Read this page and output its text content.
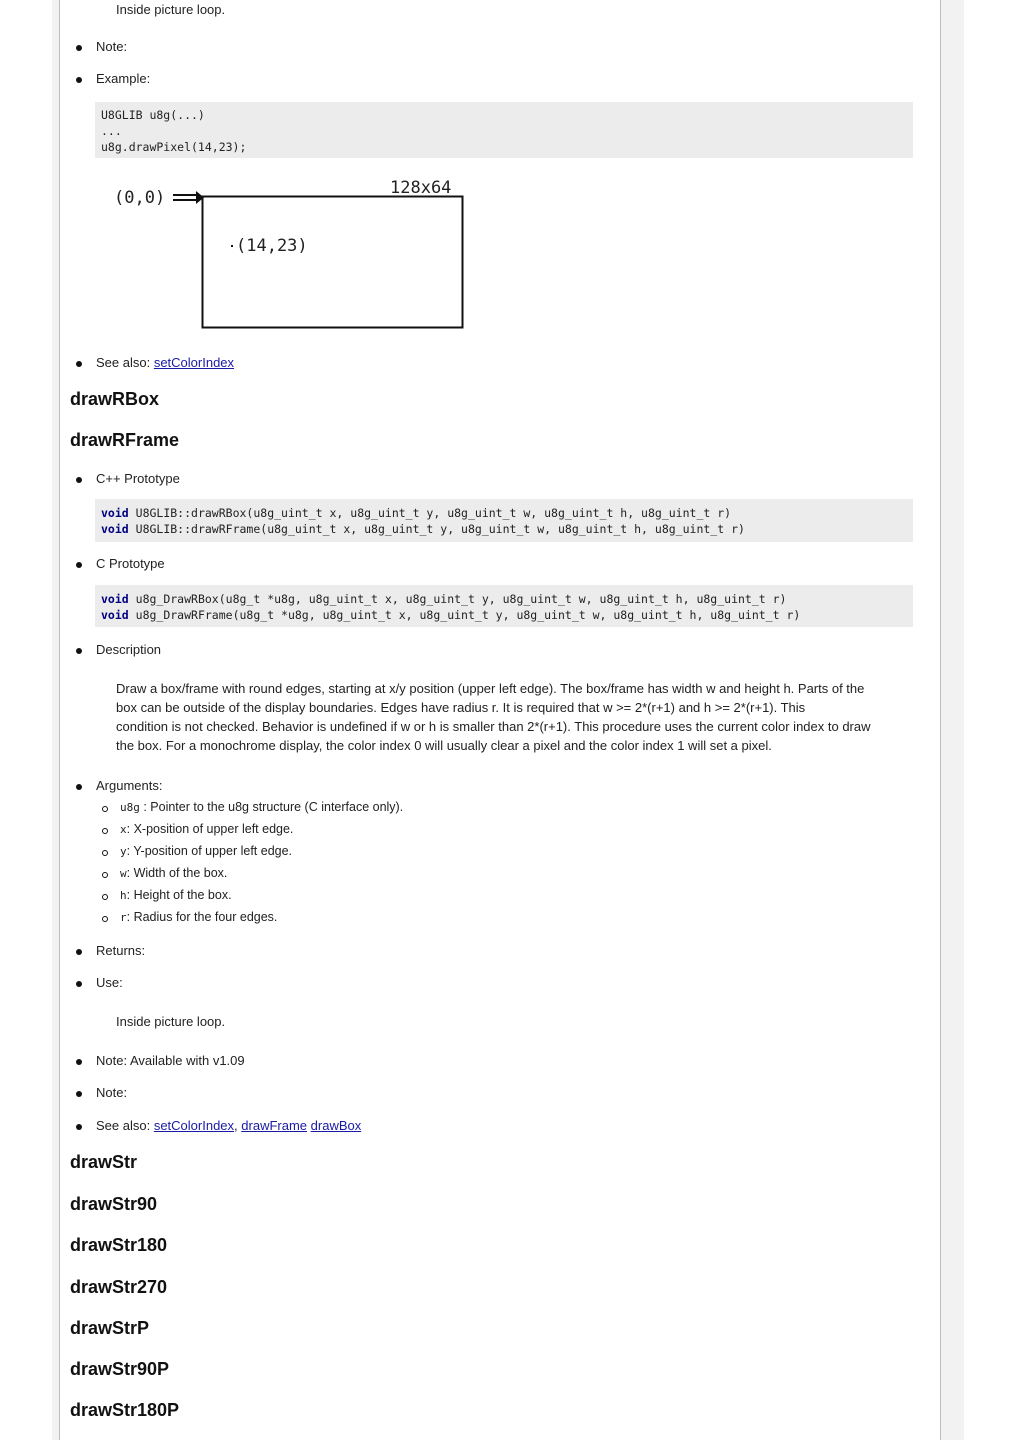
Inside picture loop.
Note:
Example:
U8GLIB u8g(...)
...
u8g.drawPixel(14,23);
(0,0)	128x64
(14,23)
See also: setColorIndex
drawRBox
drawRFrame
C++ Prototype
void U8GLIB::drawRBox(u8g_uint_t x, u8g_uint_t y, u8g_uint_t w, u8g_uint_t h, u8g_uint_t r)
void U8GLIB::drawRFrame(u8g_uint_t x, u8g_uint_t y, u8g_uint_t w, u8g_uint_t h, u8g_uint_t r)
C Prototype
void u8g_DrawRBox(u8g_t *u8g, u8g_uint_t x, u8g_uint_t y, u8g_uint_t w, u8g_uint_t h, u8g_uint_t r)
void u8g_DrawRFrame(u8g_t *u8g, u8g_uint_t x, u8g_uint_t y, u8g_uint_t w, u8g_uint_t h, u8g_uint_t r)
Description
Draw a box/frame with round edges, starting at x/y position (upper left edge). The box/frame has width w and height h. Parts of the
box can be outside of the display boundaries. Edges have radius r. It is required that w >= 2*(r+1) and h >= 2*(r+1). This
condition is not checked. Behavior is undefined if w or h is smaller than 2*(r+1). This procedure uses the current color index to draw
the box. For a monochrome display, the color index 0 will usually clear a pixel and the color index 1 will set a pixel.
Arguments:
u8g : Pointer to the u8g structure (C interface only).
x: X-position of upper left edge.
y: Y-position of upper left edge.
w: Width of the box.
h: Height of the box.
r: Radius for the four edges.
Returns:
Use:
Inside picture loop.
Note: Available with v1.09
Note:
See also: setColorIndex, drawFrame drawBox
drawStr
drawStr90
drawStr180
drawStr270
drawStrP
drawStr90P
drawStr180P
